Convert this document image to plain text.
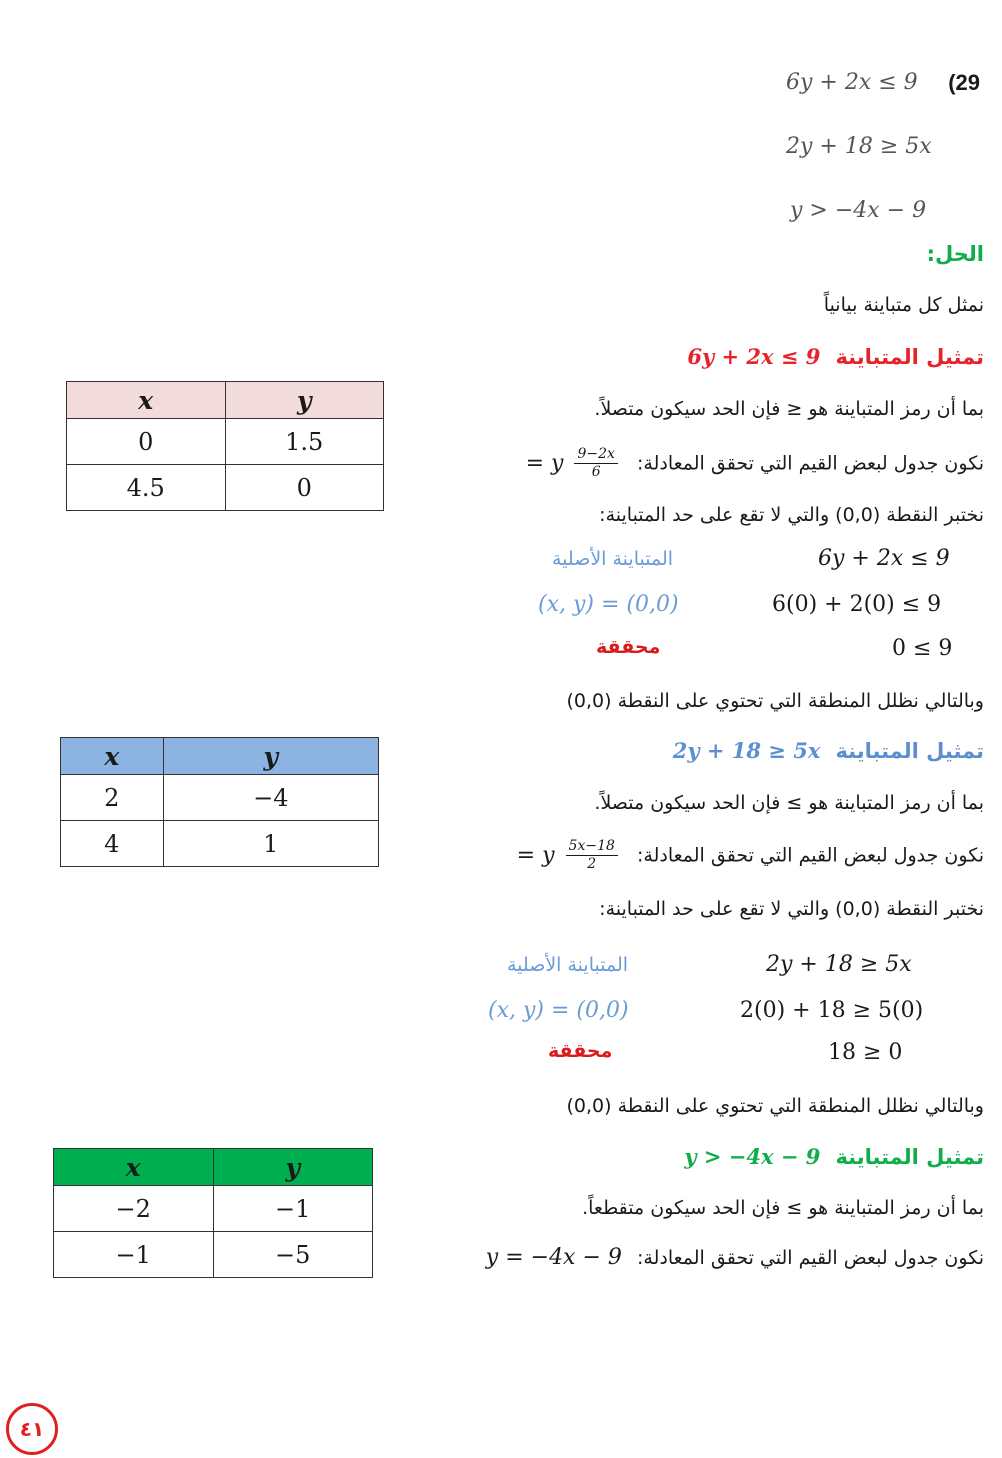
(29
6y + 2x ≤ 9
2y + 18 ≥ 5x
y > −4x − 9
الحل:
نمثل كل متباينة بيانياً
تمثيل المتباينة 6y + 2x ≤ 9
بما أن رمز المتباينة هو ≤ فإن الحد سيكون متصلاً.
نكون جدول لبعض القيم التي تحقق المعادلة:
$\frac{9-2x}{6}$
y =
نختبر النقطة (0,0) والتي لا تقع على حد المتباينة:
6y + 2x ≤ 9
المتباينة الأصلية
6(0) + 2(0) ≤ 9
(x, y) = (0,0)
0 ≤ 9
محققة
وبالتالي نظلل المنطقة التي تحتوي على النقطة (0,0)
x	y
0	1.5
4.5	0
تمثيل المتباينة 2y + 18 ≥ 5x
بما أن رمز المتباينة هو ≥ فإن الحد سيكون متصلاً.
نكون جدول لبعض القيم التي تحقق المعادلة:
$\frac{5x-18}{2}$
y =
نختبر النقطة (0,0) والتي لا تقع على حد المتباينة:
2y + 18 ≥ 5x
المتباينة الأصلية
2(0) + 18 ≥ 5(0)
(x, y) = (0,0)
18 ≥ 0
محققة
وبالتالي نظلل المنطقة التي تحتوي على النقطة (0,0)
x	y
2	−4
4	1
تمثيل المتباينة y > −4x − 9
بما أن رمز المتباينة هو ≥ فإن الحد سيكون متقطعاً.
نكون جدول لبعض القيم التي تحقق المعادلة: y = −4x − 9
x	y
−2	−1
−1	−5
٤١
